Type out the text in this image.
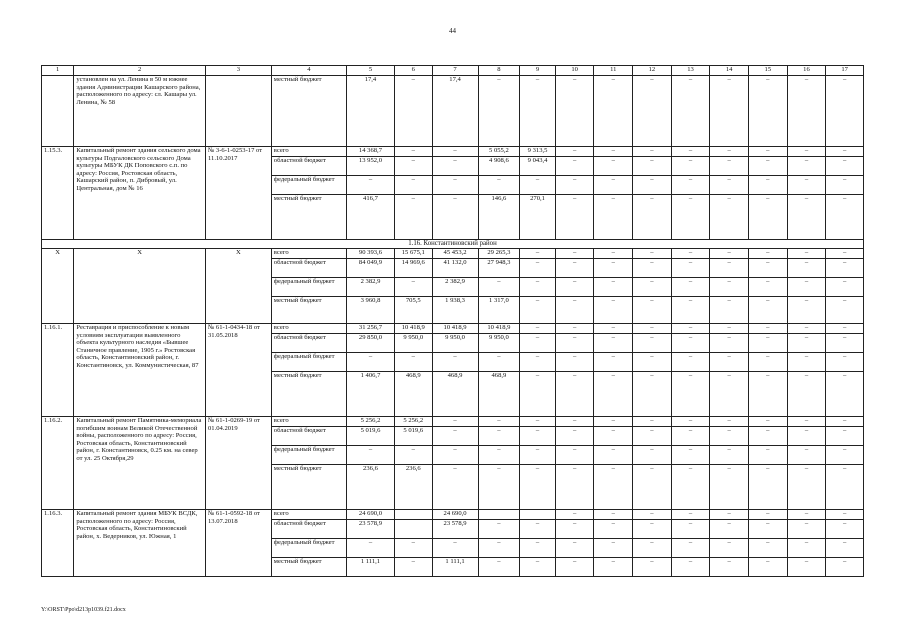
44
1	2	3	4	5	6	7	8	9	10	11	12	13	14	15	16	17
	установлен на ул. Ленина в 50 м южнее здания Администрации Кашарского района, расположенного по адресу: сл. Кашары ул. Ленина, № 58		местный бюджет	17,4	–	17,4	–	–	–	–	–	–	–	–	–	–
1.15.3.	Капитальный ремонт здания сельского дома культуры Подгаловского сельского Дома культуры МБУК ДК Поповского с.п. по адресу: Россия, Ростовская область, Кашарский район, п. Дибровый, ул. Центральная, дом № 16	№ 3-6-1-0253-17 от 11.10.2017	всего	14 368,7	–	–	5 055,2	9 313,5	–	–	–	–	–	–	–	–
			областной бюджет	13 952,0	–	–	4 908,6	9 043,4	–	–	–	–	–	–	–	–
			федеральный бюджет	–	–	–	–	–	–	–	–	–	–	–	–	–
			местный бюджет	416,7	–	–	146,6	270,1	–	–	–	–	–	–	–	–
1.16. Константиновский район																
Х	Х	Х	всего	90 393,6	15 675,1	45 453,2	29 265,3	–	–	–	–	–	–	–	–	–
			областной бюджет	84 049,9	14 969,6	41 132,0	27 948,3	–	–	–	–	–	–	–	–	–
			федеральный бюджет	2 382,9	–	2 382,9	–	–	–	–	–	–	–	–	–	–
			местный бюджет	3 960,8	705,5	1 938,3	1 317,0	–	–	–	–	–	–	–	–	–
1.16.1.	Реставрация и приспособление к новым условиям эксплуатации выявленного объекта культурного наследия «Бывшее Станичное правление, 1905 г.» Ростовская область, Константиновский район, г. Константиновск, ул. Коммунистическая, 87	№ 61-1-0434-18 от 31.05.2018	всего	31 256,7	10 418,9	10 418,9	10 418,9	–	–	–	–	–	–	–	–	–
			областной бюджет	29 850,0	9 950,0	9 950,0	9 950,0	–	–	–	–	–	–	–	–	–
			федеральный бюджет	–	–	–	–	–	–	–	–	–	–	–	–	–
			местный бюджет	1 406,7	468,9	468,9	468,9	–	–	–	–	–	–	–	–	–
1.16.2.	Капитальный ремонт Памятника-мемориала погибшим воинам Великой Отечественной войны, расположенного по адресу: Россия, Ростовская область, Константиновский район, г. Константиновск, 0.25 км. на север от ул. 25 Октября,29	№ 61-1-0269-19 от 01.04.2019	всего	5 256,2	5 256,2	–	–	–	–	–	–	–	–	–	–	–
			областной бюджет	5 019,6	5 019,6	–	–	–	–	–	–	–	–	–	–	–
			федеральный бюджет	–	–	–	–	–	–	–	–	–	–	–	–	–
			местный бюджет	236,6	236,6	–	–	–	–	–	–	–	–	–	–	–
1.16.3.	Капитальный ремонт здания МБУК ВСДК, расположенного по адресу: Россия, Ростовская область, Константиновский район, х. Ведерников, ул. Южная, 1	№ 61-1-0592-18 от 13.07.2018	всего	24 690,0		24 690,0			–	–	–	–	–	–	–	–
			областной бюджет	23 578,9		23 578,9	–	–	–	–	–	–	–	–	–	–
			федеральный бюджет	–	–	–	–	–	–	–	–	–	–	–	–	–
			местный бюджет	1 111,1	–	1 111,1	–	–	–	–	–	–	–	–	–	–
Y:\ORST\Ppo\d213p1039.f21.docx
